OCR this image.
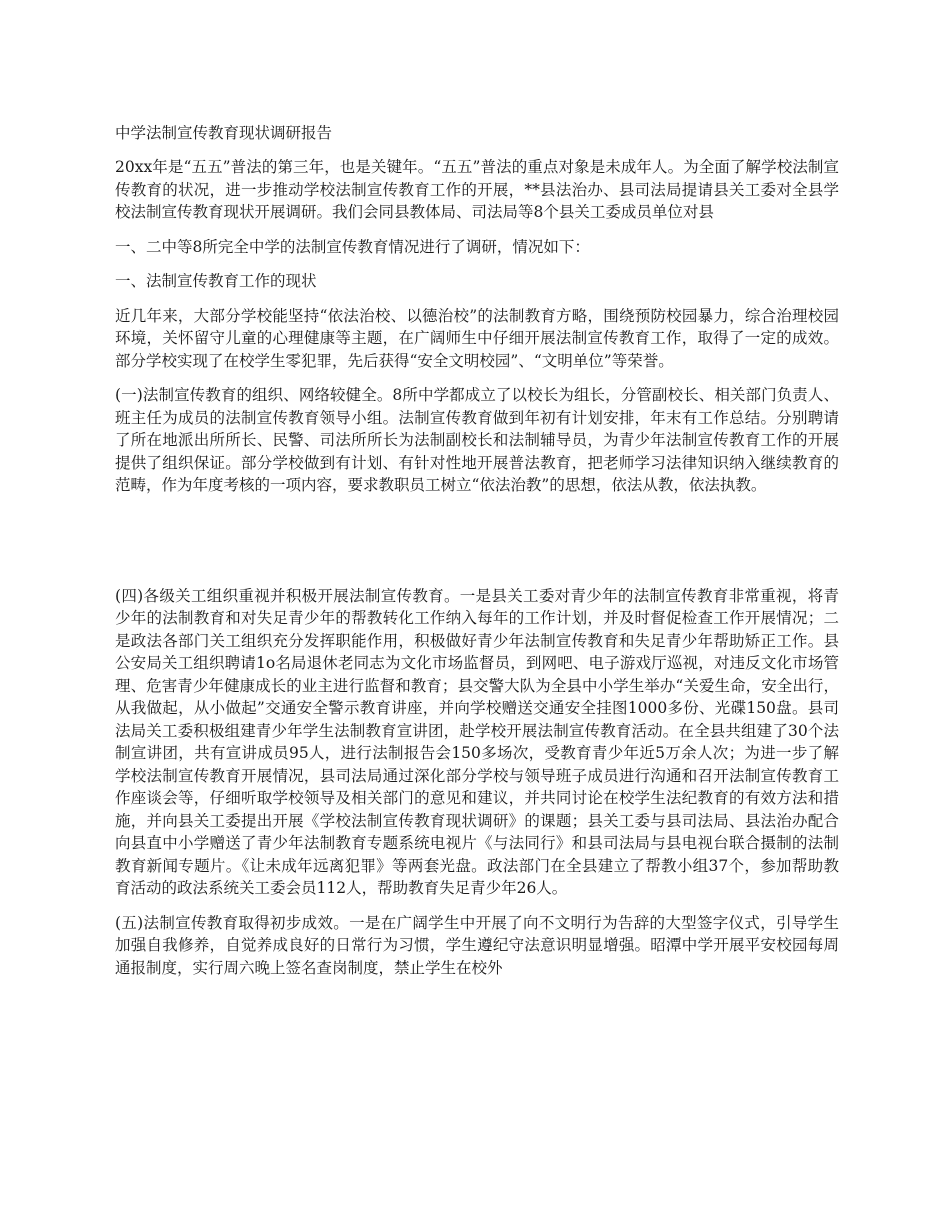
中学法制宣传教育现状调研报告
20xx年是“五五”普法的第三年，也是关键年。“五五”普法的重点对象是未成年人。为全面了解学校法制宣传教育的状况，进一步推动学校法制宣传教育工作的开展，**县法治办、县司法局提请县关工委对全县学校法制宣传教育现状开展调研。我们会同县教体局、司法局等8个县关工委成员单位对县
一、二中等8所完全中学的法制宣传教育情况进行了调研，情况如下：
一、法制宣传教育工作的现状
近几年来，大部分学校能坚持“依法治校、以德治校”的法制教育方略，围绕预防校园暴力，综合治理校园环境，关怀留守儿童的心理健康等主题，在广阔师生中仔细开展法制宣传教育工作，取得了一定的成效。部分学校实现了在校学生零犯罪，先后获得“安全文明校园”、“文明单位”等荣誉。
(一)法制宣传教育的组织、网络较健全。8所中学都成立了以校长为组长，分管副校长、相关部门负责人、班主任为成员的法制宣传教育领导小组。法制宣传教育做到年初有计划安排，年末有工作总结。分别聘请了所在地派出所所长、民警、司法所所长为法制副校长和法制辅导员，为青少年法制宣传教育工作的开展提供了组织保证。部分学校做到有计划、有针对性地开展普法教育，把老师学习法律知识纳入继续教育的范畴，作为年度考核的一项内容，要求教职员工树立“依法治教”的思想，依法从教，依法执教。
(四)各级关工组织重视并积极开展法制宣传教育。一是县关工委对青少年的法制宣传教育非常重视，将青少年的法制教育和对失足青少年的帮教转化工作纳入每年的工作计划，并及时督促检查工作开展情况；二是政法各部门关工组织充分发挥职能作用，积极做好青少年法制宣传教育和失足青少年帮助矫正工作。县公安局关工组织聘请1o名局退休老同志为文化市场监督员，到网吧、电子游戏厅巡视，对违反文化市场管理、危害青少年健康成长的业主进行监督和教育；县交警大队为全县中小学生举办“关爱生命，安全出行，从我做起，从小做起”交通安全警示教育讲座，并向学校赠送交通安全挂图1000多份、光碟150盘。县司法局关工委积极组建青少年学生法制教育宣讲团，赴学校开展法制宣传教育活动。在全县共组建了30个法制宣讲团，共有宣讲成员95人，进行法制报告会150多场次，受教育青少年近5万余人次；为进一步了解学校法制宣传教育开展情况，县司法局通过深化部分学校与领导班子成员进行沟通和召开法制宣传教育工作座谈会等，仔细听取学校领导及相关部门的意见和建议，并共同讨论在校学生法纪教育的有效方法和措施，并向县关工委提出开展《学校法制宣传教育现状调研》的课题；县关工委与县司法局、县法治办配合向县直中小学赠送了青少年法制教育专题系统电视片《与法同行》和县司法局与县电视台联合摄制的法制教育新闻专题片。《让未成年远离犯罪》等两套光盘。政法部门在全县建立了帮教小组37个，参加帮助教育活动的政法系统关工委会员112人，帮助教育失足青少年26人。
(五)法制宣传教育取得初步成效。一是在广阔学生中开展了向不文明行为告辞的大型签字仪式，引导学生加强自我修养，自觉养成良好的日常行为习惯，学生遵纪守法意识明显增强。昭潭中学开展平安校园每周通报制度，实行周六晚上签名查岗制度，禁止学生在校外
